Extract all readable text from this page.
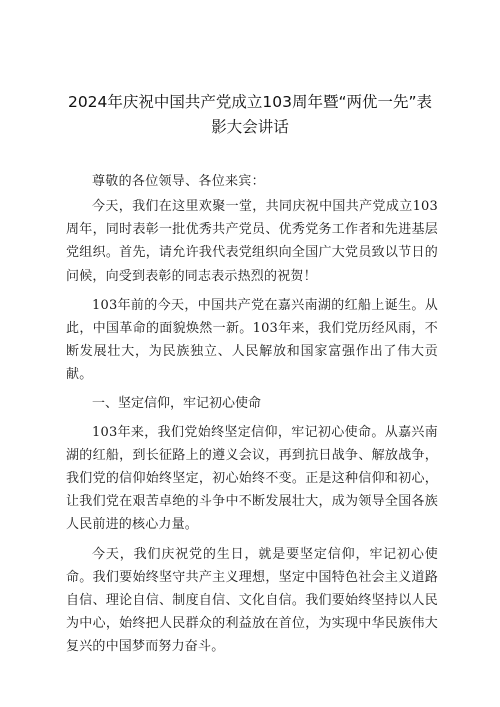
2024年庆祝中国共产党成立103周年暨“两优一先”表
影大会讲话

尊敬的各位领导、各位来宾：

今天，我们在这里欢聚一堂，共同庆祝中国共产党成立103周年，同时表彰一批优秀共产党员、优秀党务工作者和先进基层党组织。首先，请允许我代表党组织向全国广大党员致以节日的问候，向受到表彰的同志表示热烈的祝贺！

103年前的今天，中国共产党在嘉兴南湖的红船上诞生。从此，中国革命的面貌焕然一新。103年来，我们党历经风雨，不断发展壮大，为民族独立、人民解放和国家富强作出了伟大贡献。

一、坚定信仰，牢记初心使命

103年来，我们党始终坚定信仰，牢记初心使命。从嘉兴南湖的红船，到长征路上的遵义会议，再到抗日战争、解放战争，我们党的信仰始终坚定，初心始终不变。正是这种信仰和初心，让我们党在艰苦卓绝的斗争中不断发展壮大，成为领导全国各族人民前进的核心力量。

今天，我们庆祝党的生日，就是要坚定信仰，牢记初心使命。我们要始终坚守共产主义理想，坚定中国特色社会主义道路自信、理论自信、制度自信、文化自信。我们要始终坚持以人民为中心，始终把人民群众的利益放在首位，为实现中华民族伟大复兴的中国梦而努力奋斗。
